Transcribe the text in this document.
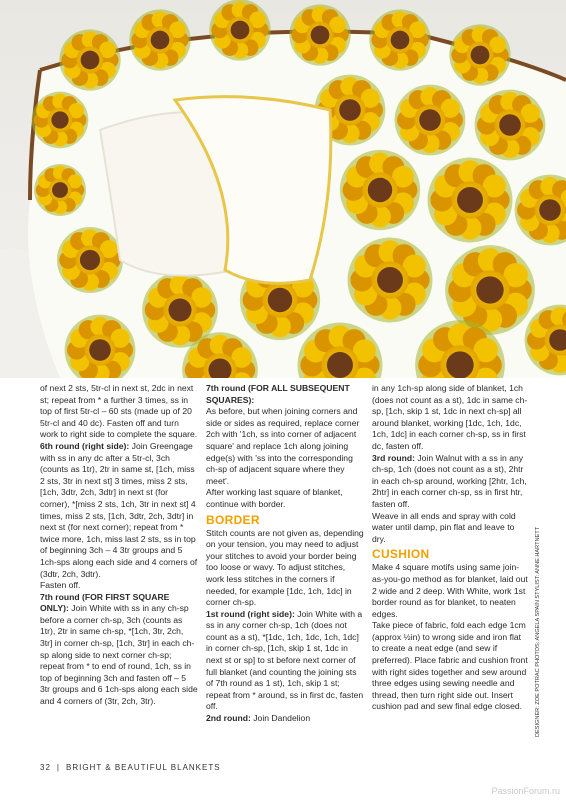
of next 2 sts, 5tr-cl in next st, 2dc in next st; repeat from * a further 3 times, ss in top of first 5tr-cl – 60 sts (made up of 20 5tr-cl and 40 dc). Fasten off and turn work to right side to complete the square.

6th round (right side): Join Greengage with ss in any dc after a 5tr-cl, 3ch (counts as 1tr), 2tr in same st, [1ch, miss 2 sts, 3tr in next st] 3 times, miss 2 sts, [1ch, 3dtr, 2ch, 3dtr] in next st (for corner), *[miss 2 sts, 1ch, 3tr in next st] 4 times, miss 2 sts, [1ch, 3dtr, 2ch, 3dtr] in next st (for next corner); repeat from * twice more, 1ch, miss last 2 sts, ss in top of beginning 3ch – 4 3tr groups and 5 1ch-sps along each side and 4 corners of (3dtr, 2ch, 3dtr).

Fasten off.

7th round (FOR FIRST SQUARE ONLY): Join White with ss in any ch-sp before a corner ch-sp, 3ch (counts as 1tr), 2tr in same ch-sp, *[1ch, 3tr, 2ch, 3tr] in corner ch-sp, [1ch, 3tr] in each ch-sp along side to next corner ch-sp; repeat from * to end of round, 1ch, ss in top of beginning 3ch and fasten off – 5 3tr groups and 6 1ch-sps along each side and 4 corners of (3tr, 2ch, 3tr).

7th round (FOR ALL SUBSEQUENT SQUARES):

As before, but when joining corners and side or sides as required, replace corner 2ch with '1ch, ss into corner of adjacent square' and replace 1ch along joining edge(s) with 'ss into the corresponding ch-sp of adjacent square where they meet'.

After working last square of blanket, continue with border.

BORDER

Stitch counts are not given as, depending on your tension, you may need to adjust your stitches to avoid your border being too loose or wavy. To adjust stitches, work less stitches in the corners if needed, for example [1dc, 1ch, 1dc] in corner ch-sp.

1st round (right side): Join White with a ss in any corner ch-sp, 1ch (does not count as a st), *[1dc, 1ch, 1dc, 1ch, 1dc] in corner ch-sp, [1ch, skip 1 st, 1dc in next st or sp] to st before next corner of full blanket (and counting the joining sts of 7th round as 1 st), 1ch, skip 1 st; repeat from * around, ss in first dc, fasten off.

2nd round: Join Dandelion

in any 1ch-sp along side of blanket, 1ch (does not count as a st), 1dc in same ch-sp, [1ch, skip 1 st, 1dc in next ch-sp] all around blanket, working [1dc, 1ch, 1dc, 1ch, 1dc] in each corner ch-sp, ss in first dc, fasten off.

3rd round: Join Walnut with a ss in any ch-sp, 1ch (does not count as a st), 2htr in each ch-sp around, working [2htr, 1ch, 2htr] in each corner ch-sp, ss in first htr, fasten off.

Weave in all ends and spray with cold water until damp, pin flat and leave to dry.

CUSHION

Make 4 square motifs using same join-as-you-go method as for blanket, laid out 2 wide and 2 deep. With White, work 1st border round as for blanket, to neaten edges.

Take piece of fabric, fold each edge 1cm (approx ½in) to wrong side and iron flat to create a neat edge (and sew if preferred). Place fabric and cushion front with right sides together and sew around three edges using sewing needle and thread, then turn right side out. Insert cushion pad and sew final edge closed.	DESIGNER: ZOE POTRAC PHOTOS: ANGELA SPAIN STYLIST: ANNE HARTNETT
32 | BRIGHT & BEAUTIFUL BLANKETS
PassionForum.ru
